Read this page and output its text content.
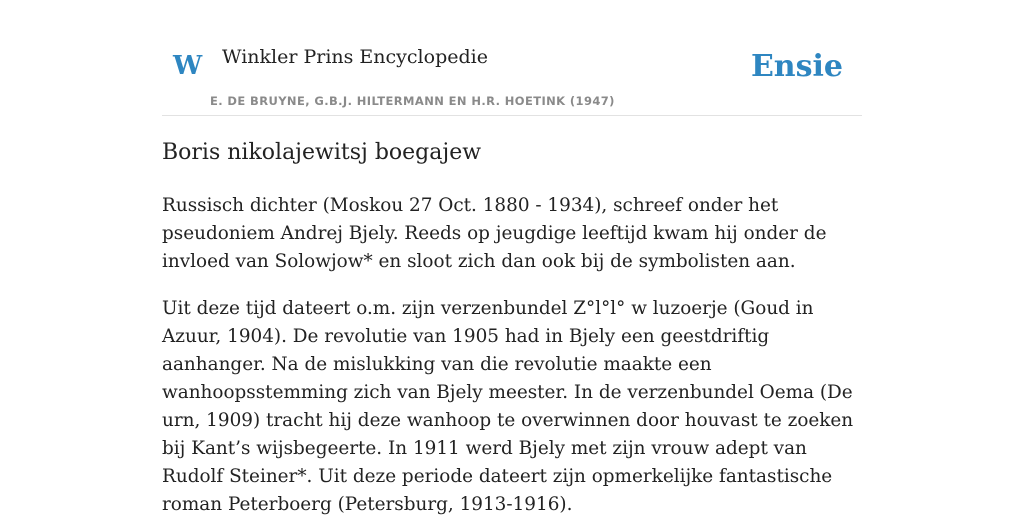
W Winkler Prins Encyclopedie
E. DE BRUYNE, G.B.J. HILTERMANN EN H.R. HOETINK (1947)
Ensie
Boris nikolajewitsj boegajew

Russisch dichter (Moskou 27 Oct. 1880 - 1934), schreef onder het pseudoniem Andrej Bjely. Reeds op jeugdige leeftijd kwam hij onder de invloed van Solowjow* en sloot zich dan ook bij de symbolisten aan.

Uit deze tijd dateert o.m. zijn verzenbundel Z°l°l° w luzoerje (Goud in Azuur, 1904). De revolutie van 1905 had in Bjely een geestdriftig aanhanger. Na de mislukking van die revolutie maakte een wanhoopsstemming zich van Bjely meester. In de verzenbundel Oema (De urn, 1909) tracht hij deze wanhoop te overwinnen door houvast te zoeken bij Kant’s wijsbegeerte. In 1911 werd Bjely met zijn vrouw adept van Rudolf Steiner*. Uit deze periode dateert zijn opmerkelijke fantastische roman Peterboerg (Petersburg, 1913-1916).
